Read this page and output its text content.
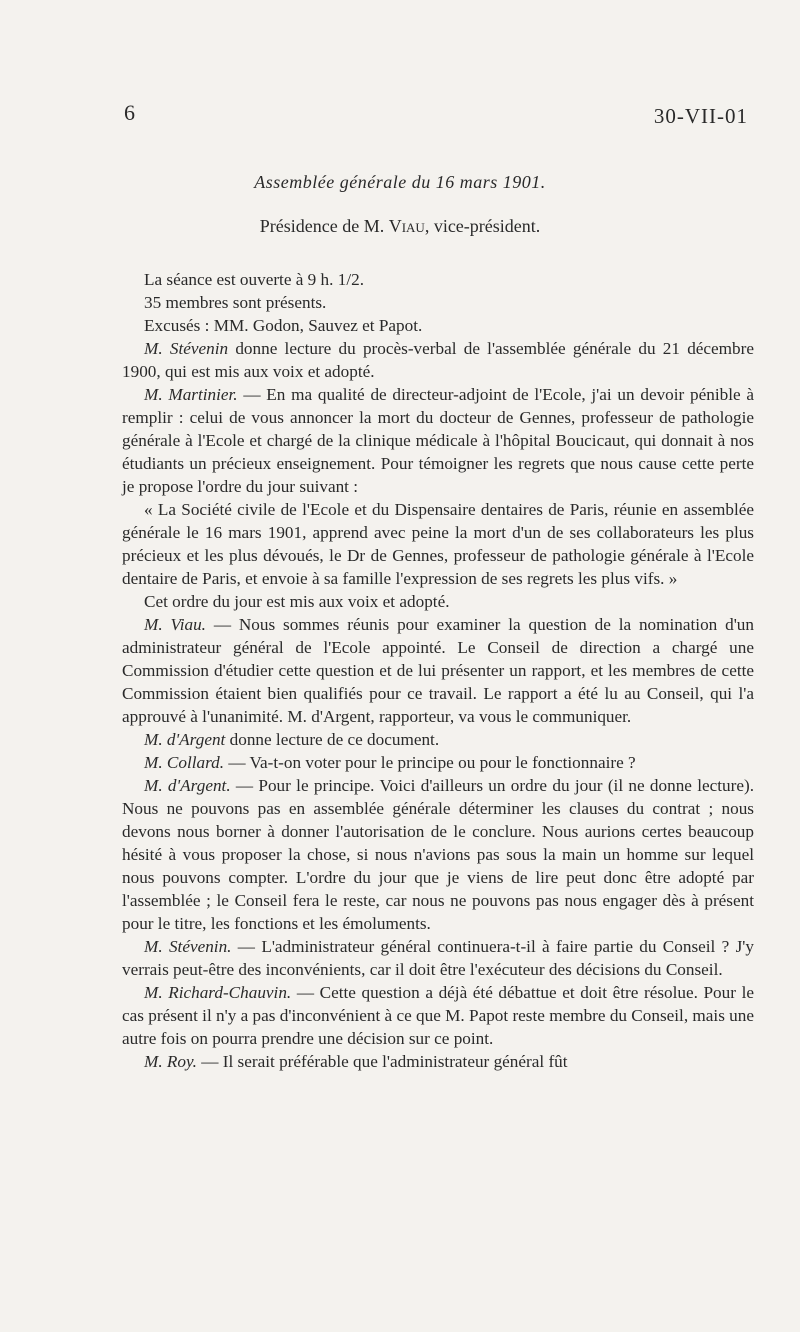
6	30-VII-01
Assemblée générale du 16 mars 1901.
Présidence de M. Viau, vice-président.

La séance est ouverte à 9 h. 1/2.

35 membres sont présents.

Excusés : MM. Godon, Sauvez et Papot.

M. Stévenin donne lecture du procès-verbal de l'assemblée générale du 21 décembre 1900, qui est mis aux voix et adopté.

M. Martinier. — En ma qualité de directeur-adjoint de l'Ecole, j'ai un devoir pénible à remplir : celui de vous annoncer la mort du docteur de Gennes, professeur de pathologie générale à l'Ecole et chargé de la clinique médicale à l'hôpital Boucicaut, qui donnait à nos étudiants un précieux enseignement. Pour témoigner les regrets que nous cause cette perte je propose l'ordre du jour suivant :

« La Société civile de l'Ecole et du Dispensaire dentaires de Paris, réunie en assemblée générale le 16 mars 1901, apprend avec peine la mort d'un de ses collaborateurs les plus précieux et les plus dévoués, le Dr de Gennes, professeur de pathologie générale à l'Ecole dentaire de Paris, et envoie à sa famille l'expression de ses regrets les plus vifs. »

Cet ordre du jour est mis aux voix et adopté.

M. Viau. — Nous sommes réunis pour examiner la question de la nomination d'un administrateur général de l'Ecole appointé. Le Conseil de direction a chargé une Commission d'étudier cette question et de lui présenter un rapport, et les membres de cette Commission étaient bien qualifiés pour ce travail. Le rapport a été lu au Conseil, qui l'a approuvé à l'unanimité. M. d'Argent, rapporteur, va vous le communiquer.

M. d'Argent donne lecture de ce document.

M. Collard. — Va-t-on voter pour le principe ou pour le fonctionnaire ?

M. d'Argent. — Pour le principe. Voici d'ailleurs un ordre du jour (il ne donne lecture). Nous ne pouvons pas en assemblée générale déterminer les clauses du contrat ; nous devons nous borner à donner l'autorisation de le conclure. Nous aurions certes beaucoup hésité à vous proposer la chose, si nous n'avions pas sous la main un homme sur lequel nous pouvons compter. L'ordre du jour que je viens de lire peut donc être adopté par l'assemblée ; le Conseil fera le reste, car nous ne pouvons pas nous engager dès à présent pour le titre, les fonctions et les émoluments.

M. Stévenin. — L'administrateur général continuera-t-il à faire partie du Conseil ? J'y verrais peut-être des inconvénients, car il doit être l'exécuteur des décisions du Conseil.

M. Richard-Chauvin. — Cette question a déjà été débattue et doit être résolue. Pour le cas présent il n'y a pas d'inconvénient à ce que M. Papot reste membre du Conseil, mais une autre fois on pourra prendre une décision sur ce point.

M. Roy. — Il serait préférable que l'administrateur général fût
